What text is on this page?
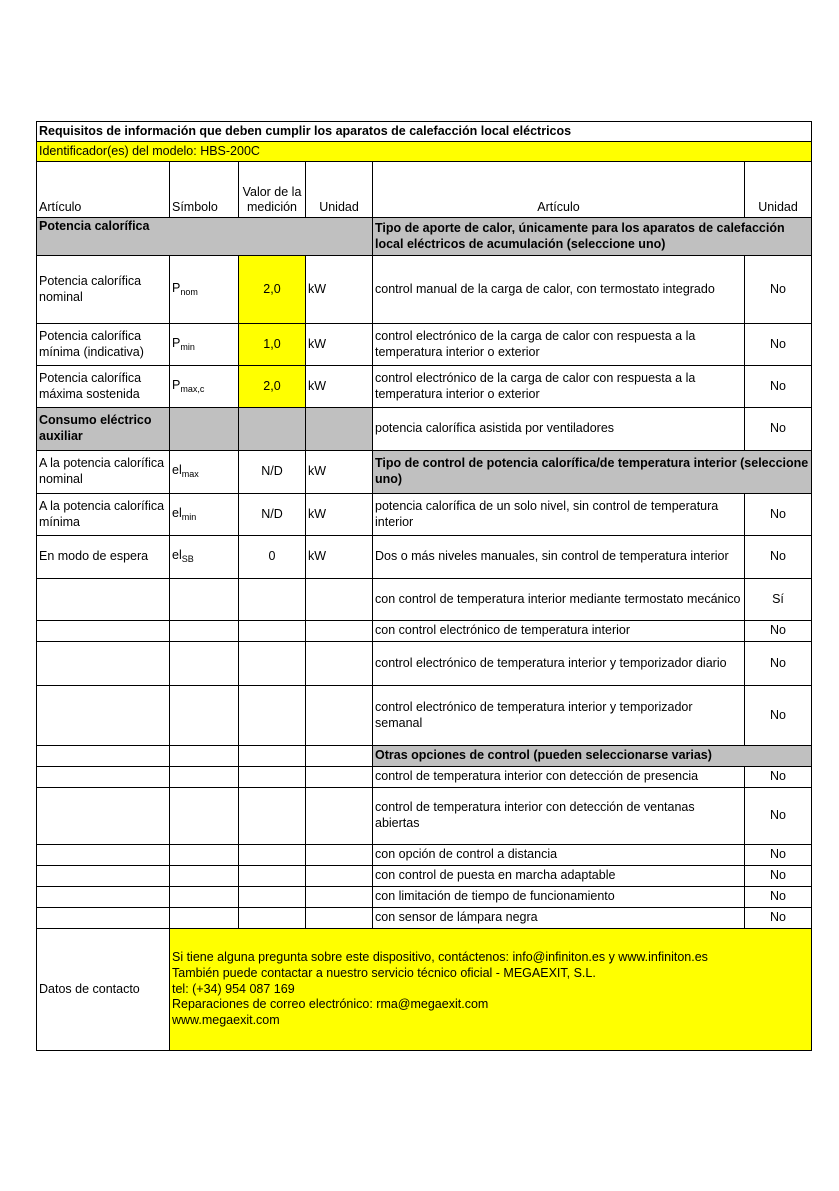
Requisitos de información que deben cumplir los aparatos de calefacción local eléctricos					
Identificador(es) del modelo: HBS-200C					
Artículo	Símbolo	Valor de la medición	Unidad	Artículo	Unidad
Potencia calorífica				Tipo de aporte de calor, únicamente para los aparatos de calefacción local eléctricos de acumulación (seleccione uno)	
Potencia calorífica nominal	$P_{nom}$	2,0	kW	control manual de la carga de calor, con termostato integrado	No
Potencia calorífica mínima (indicativa)	$P_{min}$	1,0	kW	control electrónico de la carga de calor con respuesta a la temperatura interior o exterior	No
Potencia calorífica máxima sostenida	$P_{max,c}$	2,0	kW	control electrónico de la carga de calor con respuesta a la temperatura interior o exterior	No
Consumo eléctrico auxiliar				potencia calorífica asistida por ventiladores	No
A la potencia calorífica nominal	$el_{max}$	N/D	kW	Tipo de control de potencia calorífica/de temperatura interior (seleccione uno)	
A la potencia calorífica mínima	$el_{min}$	N/D	kW	potencia calorífica de un solo nivel, sin control de temperatura interior	No
En modo de espera	$el_{SB}$	0	kW	Dos o más niveles manuales, sin control de temperatura interior	No
				con control de temperatura interior mediante termostato mecánico	Sí
				con control electrónico de temperatura interior	No
				control electrónico de temperatura interior y temporizador diario	No
				control electrónico de temperatura interior y temporizador semanal	No
				Otras opciones de control (pueden seleccionarse varias)	
				control de temperatura interior con detección de presencia	No
				control de temperatura interior con detección de ventanas abiertas	No
				con opción de control a distancia	No
				con control de puesta en marcha adaptable	No
				con limitación de tiempo de funcionamiento	No
				con sensor de lámpara negra	No
Datos de contacto	Si tiene alguna pregunta sobre este dispositivo, contáctenos: info@infiniton.es y www.infiniton.es
También puede contactar a nuestro servicio técnico oficial - MEGAEXIT, S.L.
tel: (+34) 954 087 169
Reparaciones de correo electrónico: rma@megaexit.com
www.megaexit.com				
